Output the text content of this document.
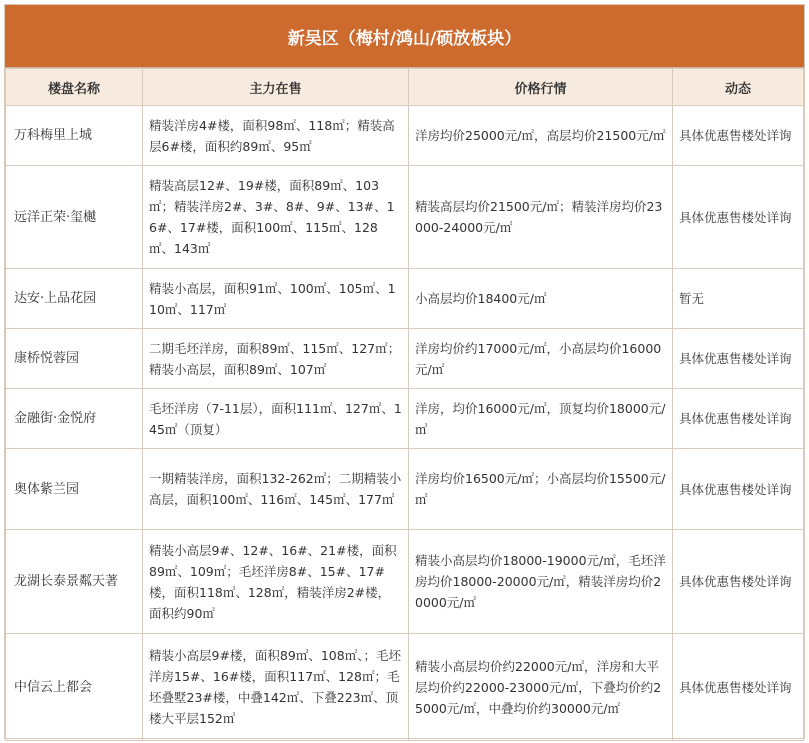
新吴区（梅村/鸿山/硕放板块）
楼盘名称	主力在售	价格行情	动态
万科梅里上城	精装洋房4#楼，面积98㎡、118㎡；精装高层6#楼，面积约89㎡、95㎡	洋房均价25000元/㎡，高层均价21500元/㎡	具体优惠售楼处详询
远洋正荣·玺樾	精装高层12#、19#楼，面积89㎡、103㎡；精装洋房2#、3#、8#、9#、13#、16#、17#楼，面积100㎡、115㎡、128㎡、143㎡	精装高层均价21500元/㎡；精装洋房均价23000-24000元/㎡	具体优惠售楼处详询
达安·上品花园	精装小高层，面积91㎡、100㎡、105㎡、110㎡、117㎡	小高层均价18400元/㎡	暂无
康桥悦蓉园	二期毛坯洋房，面积89㎡、115㎡、127㎡；精装小高层，面积89㎡、107㎡	洋房均价约17000元/㎡，小高层均价16000元/㎡	具体优惠售楼处详询
金融街·金悦府	毛坯洋房（7-11层），面积111㎡、127㎡、145㎡（顶复）	洋房，均价16000元/㎡，顶复均价18000元/㎡	具体优惠售楼处详询
奥体紫兰园	一期精装洋房，面积132-262㎡；二期精装小高层，面积100㎡、116㎡、145㎡、177㎡	洋房均价16500元/㎡；小高层均价15500元/㎡	具体优惠售楼处详询
龙湖长泰景粼天著	精装小高层9#、12#、16#、21#楼，面积89㎡、109㎡；毛坯洋房8#、15#、17#楼，面积118㎡、128㎡，精装洋房2#楼，面积约90㎡	精装小高层均价18000-19000元/㎡，毛坯洋房均价18000-20000元/㎡，精装洋房均价20000元/㎡	具体优惠售楼处详询
中信云上都会	精装小高层9#楼，面积89㎡、108㎡、；毛坯洋房15#、16#楼，面积117㎡、128㎡；毛坯叠墅23#楼，中叠142㎡、下叠223㎡、顶楼大平层152㎡	精装小高层均价约22000元/㎡，洋房和大平层均价约22000-23000元/㎡，下叠均价约25000元/㎡，中叠均价约30000元/㎡	具体优惠售楼处详询
